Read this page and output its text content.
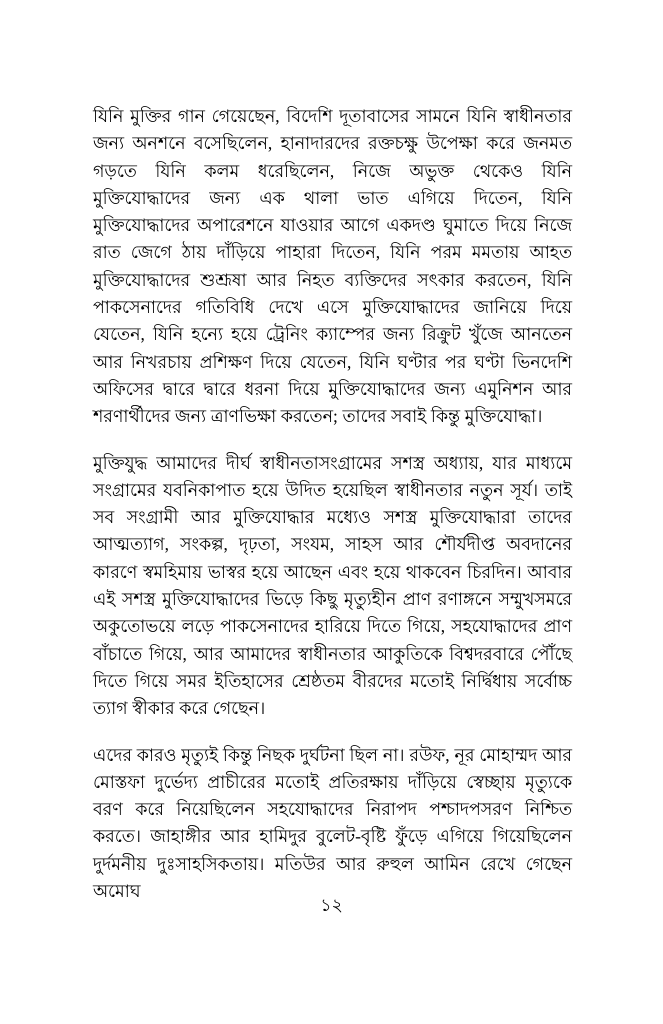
যিনি মুক্তির গান গেয়েছেন, বিদেশি দূতাবাসের সামনে যিনি স্বাধীনতার জন্য অনশনে বসেছিলেন, হানাদারদের রক্তচক্ষু উপেক্ষা করে জনমত গড়তে যিনি কলম ধরেছিলেন, নিজে অভুক্ত থেকেও যিনি মুক্তিযোদ্ধাদের জন্য এক থালা ভাত এগিয়ে দিতেন, যিনি মুক্তিযোদ্ধাদের অপারেশনে যাওয়ার আগে একদণ্ড ঘুমাতে দিয়ে নিজে রাত জেগে ঠায় দাঁড়িয়ে পাহারা দিতেন, যিনি পরম মমতায় আহত মুক্তিযোদ্ধাদের শুশ্রূষা আর নিহত ব্যক্তিদের সৎকার করতেন, যিনি পাকসেনাদের গতিবিধি দেখে এসে মুক্তিযোদ্ধাদের জানিয়ে দিয়ে যেতেন, যিনি হন্যে হয়ে ট্রেনিং ক্যাম্পের জন্য রিক্রুট খুঁজে আনতেন আর নিখরচায় প্রশিক্ষণ দিয়ে যেতেন, যিনি ঘণ্টার পর ঘণ্টা ভিনদেশি অফিসের দ্বারে দ্বারে ধরনা দিয়ে মুক্তিযোদ্ধাদের জন্য এমুনিশন আর শরণার্থীদের জন্য ত্রাণভিক্ষা করতেন; তাদের সবাই কিন্তু মুক্তিযোদ্ধা।

মুক্তিযুদ্ধ আমাদের দীর্ঘ স্বাধীনতাসংগ্রামের সশস্ত্র অধ্যায়, যার মাধ্যমে সংগ্রামের যবনিকাপাত হয়ে উদিত হয়েছিল স্বাধীনতার নতুন সূর্য। তাই সব সংগ্রামী আর মুক্তিযোদ্ধার মধ্যেও সশস্ত্র মুক্তিযোদ্ধারা তাদের আত্মত্যাগ, সংকল্প, দৃঢ়তা, সংযম, সাহস আর শৌর্যদীপ্ত অবদানের কারণে স্বমহিমায় ভাস্বর হয়ে আছেন এবং হয়ে থাকবেন চিরদিন। আবার এই সশস্ত্র মুক্তিযোদ্ধাদের ভিড়ে কিছু মৃত্যুহীন প্রাণ রণাঙ্গনে সম্মুখসমরে অকুতোভয়ে লড়ে পাকসেনাদের হারিয়ে দিতে গিয়ে, সহযোদ্ধাদের প্রাণ বাঁচাতে গিয়ে, আর আমাদের স্বাধীনতার আকুতিকে বিশ্বদরবারে পৌঁছে দিতে গিয়ে সমর ইতিহাসের শ্রেষ্ঠতম বীরদের মতোই নির্দ্বিধায় সর্বোচ্চ ত্যাগ স্বীকার করে গেছেন।

এদের কারও মৃত্যুই কিন্তু নিছক দুর্ঘটনা ছিল না। রউফ, নূর মোহাম্মদ আর মোস্তফা দুর্ভেদ্য প্রাচীরের মতোই প্রতিরক্ষায় দাঁড়িয়ে স্বেচ্ছায় মৃত্যুকে বরণ করে নিয়েছিলেন সহযোদ্ধাদের নিরাপদ পশ্চাদপসরণ নিশ্চিত করতে। জাহাঙ্গীর আর হামিদুর বুলেট-বৃষ্টি ফুঁড়ে এগিয়ে গিয়েছিলেন দুর্দমনীয় দুঃসাহসিকতায়। মতিউর আর রুহুল আমিন রেখে গেছেন অমোঘ

১২
